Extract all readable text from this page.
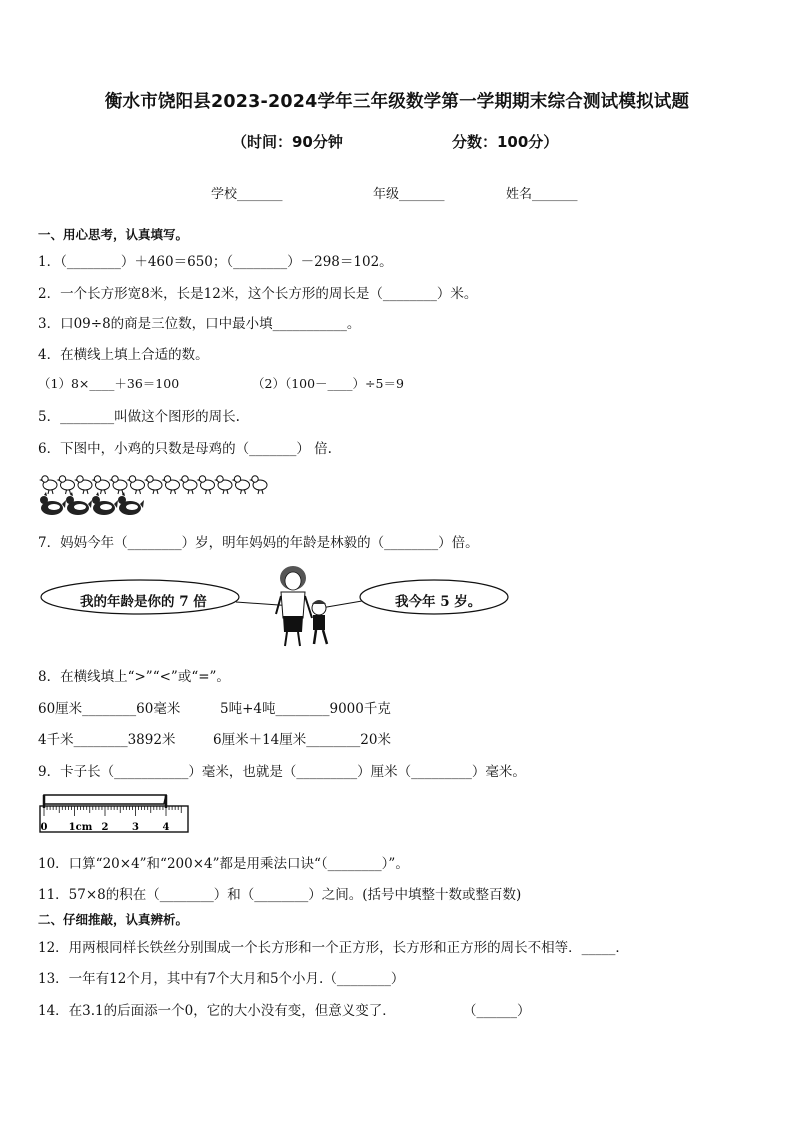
衡水市饶阳县2023-2024学年三年级数学第一学期期末综合测试模拟试题
（时间：90分钟	分数：100分）
学校_______	年级_______	姓名_______
一、用心思考，认真填写。
1．（________）＋460＝650；（________）－298＝102。
2．一个长方形宽8米，长是12米，这个长方形的周长是（________）米。
3．口09÷8的商是三位数，口中最小填___________。
4．在横线上填上合适的数。
（1）8×____＋36＝100	（2）（100－____）÷5＝9
5．________叫做这个图形的周长.
6．下图中，小鸡的只数是母鸡的（_______） 倍.
7．妈妈今年（________）岁，明年妈妈的年龄是林毅的（________）倍。
我的年龄是你的 7 倍	我今年 5 岁。
8．在横线填上“>”“<”或“=”。
60厘米________60毫米	5吨+4吨________9000千克
4千米________3892米	6厘米＋14厘米________20米
9．卡子长（___________）毫米，也就是（_________）厘米（_________）毫米。
0 1cm 2 3 4
10．口算“20×4”和“200×4”都是用乘法口诀“（________）”。
11．57×8的积在（________）和（________）之间。(括号中填整十数或整百数)
二、仔细推敲，认真辨析。
12．用两根同样长铁丝分别围成一个长方形和一个正方形，长方形和正方形的周长不相等．_____．
13．一年有12个月，其中有7个大月和5个小月.（________）
14．在3.1的后面添一个0，它的大小没有变，但意义变了．	（______）
